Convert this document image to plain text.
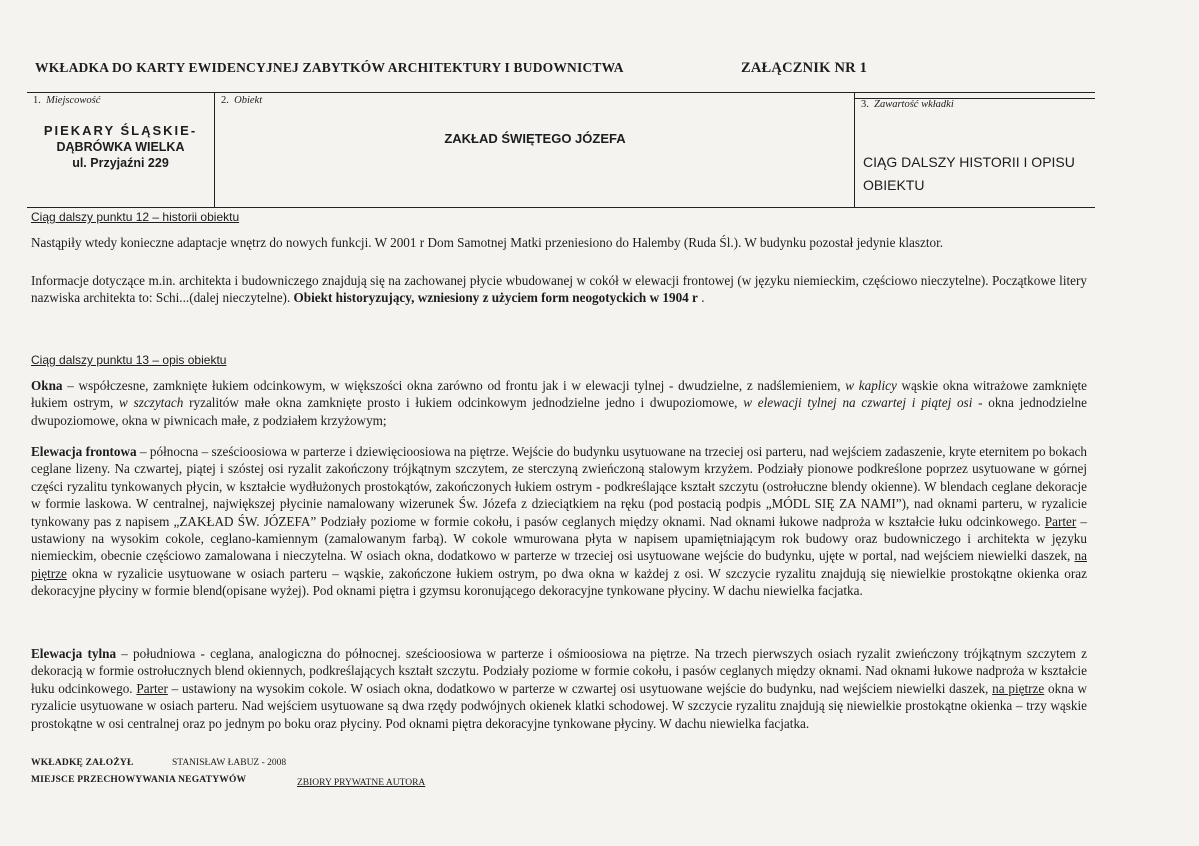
WKŁADKA DO KARTY EWIDENCYJNEJ ZABYTKÓW ARCHITEKTURY I BUDOWNICTWA	ZAŁĄCZNIK NR 1
1. Miejscowość
PIEKARY ŚLĄSKIE-
DĄBRÓWKA WIELKA
ul. Przyjaźni 229
2. Obiekt
ZAKŁAD ŚWIĘTEGO JÓZEFA
3. Zawartość wkładki
CIĄG DALSZY HISTORII I OPISU OBIEKTU
Ciąg dalszy punktu 12 – historii obiektu
Nastąpiły wtedy konieczne adaptacje wnętrz do nowych funkcji. W 2001 r Dom Samotnej Matki przeniesiono do Halemby (Ruda Śl.). W budynku pozostał jedynie klasztor.
Informacje dotyczące m.in. architekta i budowniczego znajdują się na zachowanej płycie wbudowanej w cokół w elewacji frontowej (w języku niemieckim, częściowo nieczytelne). Początkowe litery nazwiska architekta to: Schi...(dalej nieczytelne). Obiekt historyzujący, wzniesiony z użyciem form neogotyckich w 1904 r .
Ciąg dalszy punktu 13 – opis obiektu
Okna – współczesne, zamknięte łukiem odcinkowym, w większości okna zarówno od frontu jak i w elewacji tylnej - dwudzielne, z nadślemieniem, w kaplicy wąskie okna witrażowe zamknięte łukiem ostrym, w szczytach ryzalitów małe okna zamknięte prosto i łukiem odcinkowym jednodzielne jedno i dwupoziomowe, w elewacji tylnej na czwartej i piątej osi - okna jednodzielne dwupoziomowe, okna w piwnicach małe, z podziałem krzyżowym;
Elewacja frontowa – północna – sześcioosiowa w parterze i dziewięcioosiowa na piętrze. Wejście do budynku usytuowane na trzeciej osi parteru, nad wejściem zadaszenie, kryte eternitem po bokach ceglane lizeny. Na czwartej, piątej i szóstej osi ryzalit zakończony trójkątnym szczytem, ze sterczyną zwieńczoną stalowym krzyżem. Podziały pionowe podkreślone poprzez usytuowane w górnej części ryzalitu tynkowanych płycin, w kształcie wydłużonych prostokątów, zakończonych łukiem ostrym - podkreślające kształt szczytu (ostrołuczne blendy okienne). W blendach ceglane dekoracje w formie laskowa. W centralnej, największej płycinie namalowany wizerunek Św. Józefa z dzieciątkiem na ręku (pod postacią podpis „MÓDL SIĘ ZA NAMI”), nad oknami parteru, w ryzalicie tynkowany pas z napisem „ZAKŁAD ŚW. JÓZEFA” Podziały poziome w formie cokołu, i pasów ceglanych między oknami. Nad oknami łukowe nadproża w kształcie łuku odcinkowego. Parter – ustawiony na wysokim cokole, ceglano-kamiennym (zamalowanym farbą). W cokole wmurowana płyta w napisem upamiętniającym rok budowy oraz budowniczego i architekta w języku niemieckim, obecnie częściowo zamalowana i nieczytelna. W osiach okna, dodatkowo w parterze w trzeciej osi usytuowane wejście do budynku, ujęte w portal, nad wejściem niewielki daszek, na piętrze okna w ryzalicie usytuowane w osiach parteru – wąskie, zakończone łukiem ostrym, po dwa okna w każdej z osi. W szczycie ryzalitu znajdują się niewielkie prostokątne okienka oraz dekoracyjne płyciny w formie blend(opisane wyżej). Pod oknami piętra i gzymsu koronującego dekoracyjne tynkowane płyciny. W dachu niewielka facjatka.
Elewacja tylna – południowa - ceglana, analogiczna do północnej. sześcioosiowa w parterze i ośmioosiowa na piętrze. Na trzech pierwszych osiach ryzalit zwieńczony trójkątnym szczytem z dekoracją w formie ostrołucznych blend okiennych, podkreślających kształt szczytu. Podziały poziome w formie cokołu, i pasów ceglanych między oknami. Nad oknami łukowe nadproża w kształcie łuku odcinkowego. Parter – ustawiony na wysokim cokole. W osiach okna, dodatkowo w parterze w czwartej osi usytuowane wejście do budynku, nad wejściem niewielki daszek, na piętrze okna w ryzalicie usytuowane w osiach parteru. Nad wejściem usytuowane są dwa rzędy podwójnych okienek klatki schodowej. W szczycie ryzalitu znajdują się niewielkie prostokątne okienka – trzy wąskie prostokątne w osi centralnej oraz po jednym po boku oraz płyciny. Pod oknami piętra dekoracyjne tynkowane płyciny. W dachu niewielka facjatka.
WKŁADKĘ ZAŁOŻYŁ	STANISŁAW ŁABUZ - 2008
MIEJSCE PRZECHOWYWANIA NEGATYWÓW	ZBIORY PRYWATNE AUTORA
